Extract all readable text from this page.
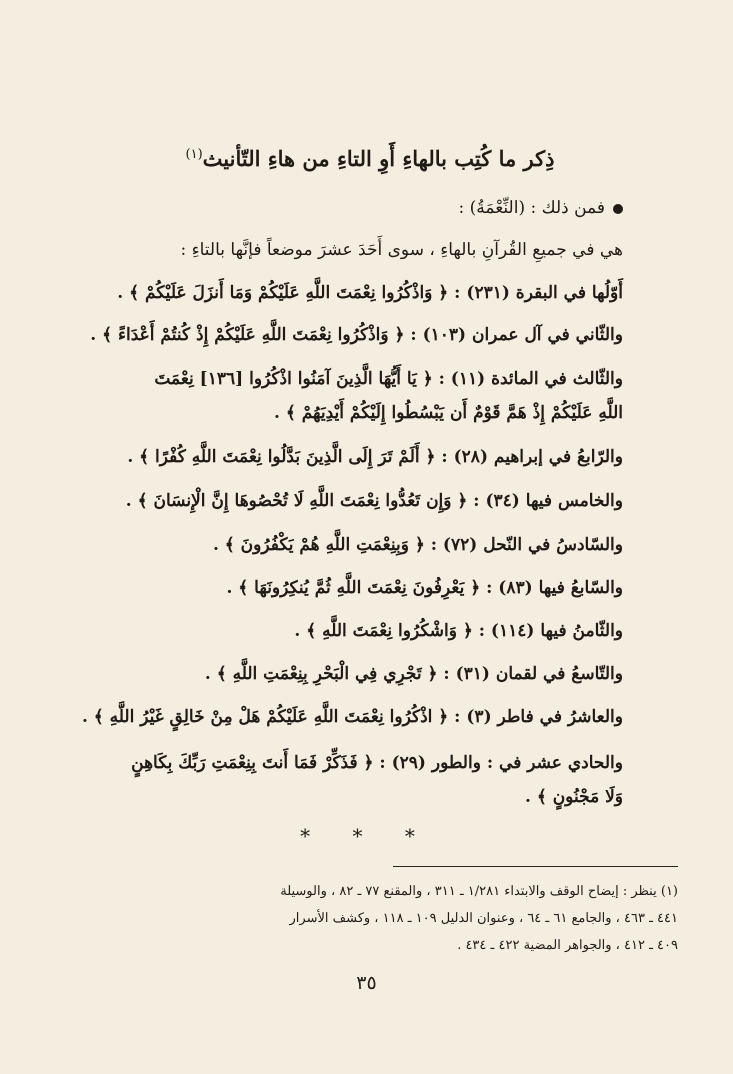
ذِكر ما كُتِب بالهاءِ أَوِ التاءِ من هاءِ التّأنيث$^{(١)}$
فمن ذلك : (النِّعْمَةُ) :
هي في جميعِ القُرآنِ بالهاءِ ، سوى أَحَدَ عشرَ موضعاً فإنَّها بالتاءِ :
أَوّلُها في البقرة (٢٣١) : ﴿ وَاذْكُرُوا نِعْمَتَ اللَّهِ عَلَيْكُمْ وَمَا أَنزَلَ عَلَيْكُمْ ﴾ .
والثّاني في آل عمران (١٠٣) : ﴿ وَاذْكُرُوا نِعْمَتَ اللَّهِ عَلَيْكُمْ إِذْ كُنتُمْ أَعْدَاءً ﴾ .
والثّالث في المائدة (١١) : ﴿ يَا أَيُّهَا الَّذِينَ آمَنُوا اذْكُرُوا [١٣٦] نِعْمَتَ
اللَّهِ عَلَيْكُمْ إِذْ هَمَّ قَوْمٌ أَن يَبْسُطُوا إِلَيْكُمْ أَيْدِيَهُمْ ﴾ .
والرّابعُ في إبراهيم (٢٨) : ﴿ أَلَمْ تَرَ إِلَى الَّذِينَ بَدَّلُوا نِعْمَتَ اللَّهِ كُفْرًا ﴾ .
والخامس فيها (٣٤) : ﴿ وَإِن تَعُدُّوا نِعْمَتَ اللَّهِ لَا تُحْصُوهَا إِنَّ الْإِنسَانَ ﴾ .
والسّادسُ في النّحل (٧٢) : ﴿ وَبِنِعْمَتِ اللَّهِ هُمْ يَكْفُرُونَ ﴾ .
والسّابعُ فيها (٨٣) : ﴿ يَعْرِفُونَ نِعْمَتَ اللَّهِ ثُمَّ يُنكِرُونَهَا ﴾ .
والثّامنُ فيها (١١٤) : ﴿ وَاشْكُرُوا نِعْمَتَ اللَّهِ ﴾ .
والتّاسعُ في لقمان (٣١) : ﴿ تَجْرِي فِي الْبَحْرِ بِنِعْمَتِ اللَّهِ ﴾ .
والعاشرُ في فاطر (٣) : ﴿ اذْكُرُوا نِعْمَتَ اللَّهِ عَلَيْكُمْ هَلْ مِنْ خَالِقٍ غَيْرُ اللَّهِ ﴾ .
والحادي عشر في : والطور (٢٩) : ﴿ فَذَكِّرْ فَمَا أَنتَ بِنِعْمَتِ رَبِّكَ بِكَاهِنٍ
وَلَا مَجْنُونٍ ﴾ .
* * *
(١) ينظر : إيضاح الوقف والابتداء ١/٢٨١ ـ ٣١١ ، والمقنع ٧٧ ـ ٨٢ ، والوسيلة
٤٤١ ـ ٤٦٣ ، والجامع ٦١ ـ ٦٤ ، وعنوان الدليل ١٠٩ ـ ١١٨ ، وكشف الأسرار
٤٠٩ ـ ٤١٢ ، والجواهر المضية ٤٢٢ ـ ٤٣٤ .
٣٥
